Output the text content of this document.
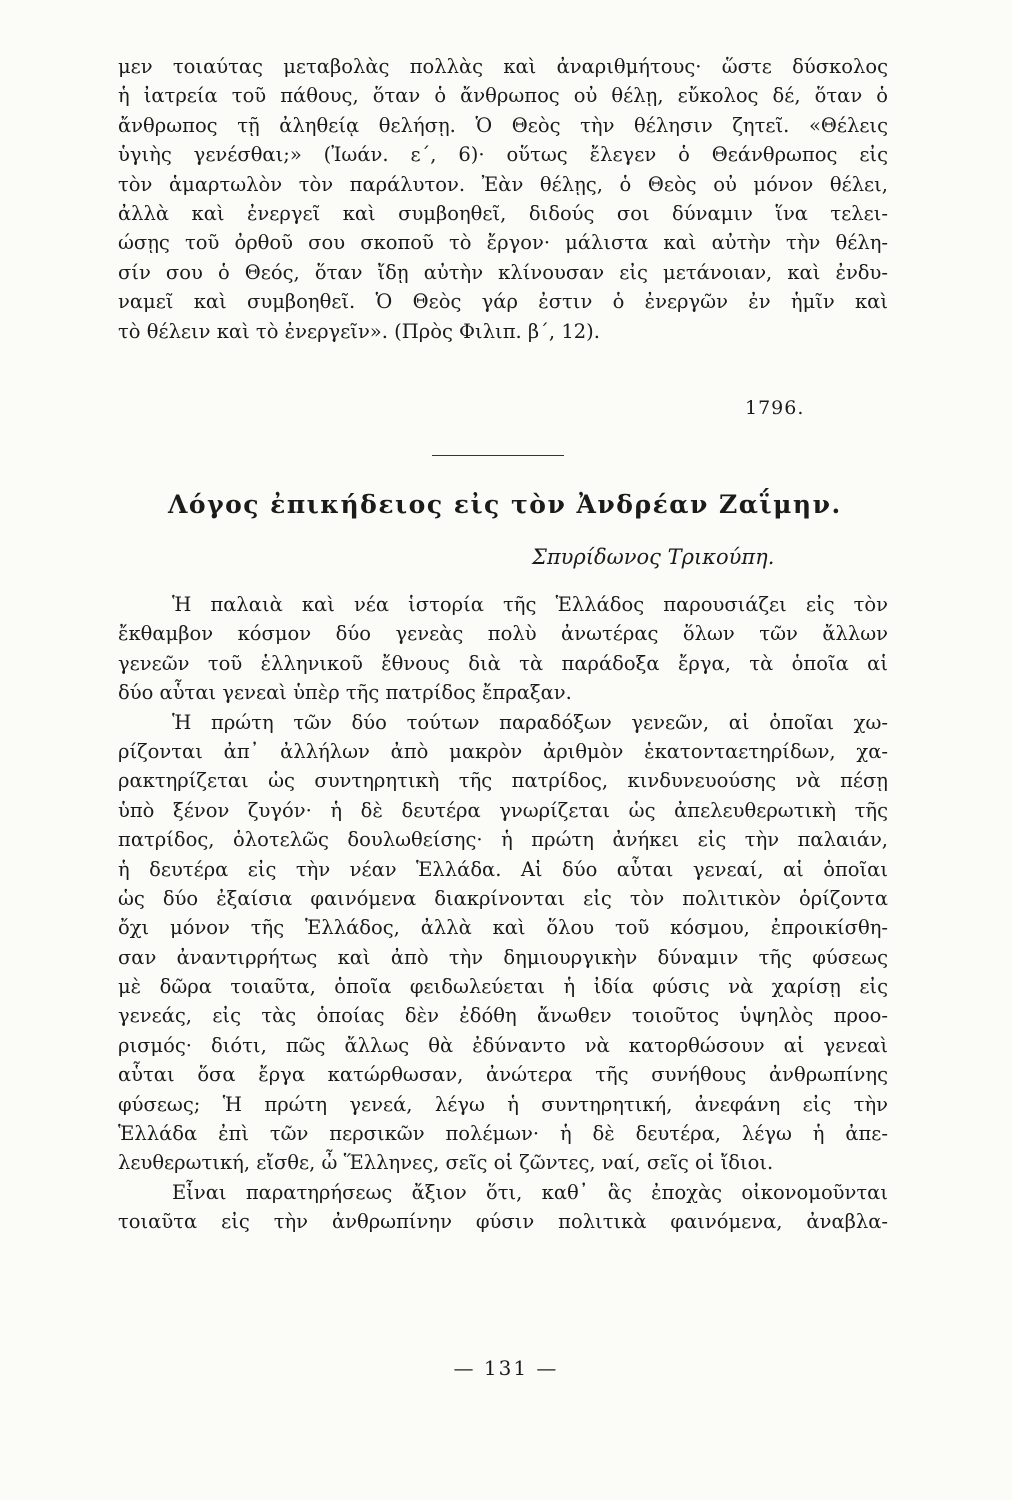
μεν τοιαύτας μεταβολὰς πολλὰς καὶ ἀναριθμήτους· ὥστε δύσκολος
ἡ ἰατρεία τοῦ πάθους, ὅταν ὁ ἄνθρωπος οὐ θέλῃ, εὔκολος δέ, ὅταν ὁ
ἄνθρωπος τῇ ἀληθείᾳ θελήσῃ. Ὁ Θεὸς τὴν θέλησιν ζητεῖ. «Θέλεις
ὑγιὴς γενέσθαι;» (Ἰωάν. ε΄, 6)· οὕτως ἔλεγεν ὁ Θεάνθρωπος εἰς
τὸν ἁμαρτωλὸν τὸν παράλυτον. Ἐὰν θέλῃς, ὁ Θεὸς οὐ μόνον θέλει,
ἀλλὰ καὶ ἐνεργεῖ καὶ συμβοηθεῖ, διδούς σοι δύναμιν ἵνα τελει-
ώσῃς τοῦ ὀρθοῦ σου σκοποῦ τὸ ἔργον· μάλιστα καὶ αὐτὴν τὴν θέλη-
σίν σου ὁ Θεός, ὅταν ἴδῃ αὐτὴν κλίνουσαν εἰς μετάνοιαν, καὶ ἐνδυ-
ναμεῖ καὶ συμβοηθεῖ. Ὁ Θεὸς γάρ ἐστιν ὁ ἐνεργῶν ἐν ἡμῖν καὶ
τὸ θέλειν καὶ τὸ ἐνεργεῖν». (Πρὸς Φιλιπ. β΄, 12).
1796.
Λόγος ἐπικήδειος εἰς τὸν Ἀνδρέαν Ζαΐμην.
Σπυρίδωνος Τρικούπη.
Ἡ παλαιὰ καὶ νέα ἱστορία τῆς Ἑλλάδος παρουσιάζει εἰς τὸν
ἔκθαμβον κόσμον δύο γενεὰς πολὺ ἀνωτέρας ὅλων τῶν ἄλλων
γενεῶν τοῦ ἑλληνικοῦ ἔθνους διὰ τὰ παράδοξα ἔργα, τὰ ὁποῖα αἱ
δύο αὗται γενεαὶ ὑπὲρ τῆς πατρίδος ἔπραξαν.
Ἡ πρώτη τῶν δύο τούτων παραδόξων γενεῶν, αἱ ὁποῖαι χω-
ρίζονται ἀπ᾽ ἀλλήλων ἀπὸ μακρὸν ἀριθμὸν ἑκατονταετηρίδων, χα-
ρακτηρίζεται ὡς συντηρητικὴ τῆς πατρίδος, κινδυνευούσης νὰ πέσῃ
ὑπὸ ξένον ζυγόν· ἡ δὲ δευτέρα γνωρίζεται ὡς ἀπελευθερωτικὴ τῆς
πατρίδος, ὁλοτελῶς δουλωθείσης· ἡ πρώτη ἀνήκει εἰς τὴν παλαιάν,
ἡ δευτέρα εἰς τὴν νέαν Ἑλλάδα. Αἱ δύο αὗται γενεαί, αἱ ὁποῖαι
ὡς δύο ἐξαίσια φαινόμενα διακρίνονται εἰς τὸν πολιτικὸν ὁρίζοντα
ὄχι μόνον τῆς Ἑλλάδος, ἀλλὰ καὶ ὅλου τοῦ κόσμου, ἐπροικίσθη-
σαν ἀναντιρρήτως καὶ ἀπὸ τὴν δημιουργικὴν δύναμιν τῆς φύσεως
μὲ δῶρα τοιαῦτα, ὁποῖα φειδωλεύεται ἡ ἰδία φύσις νὰ χαρίσῃ εἰς
γενεάς, εἰς τὰς ὁποίας δὲν ἐδόθη ἄνωθεν τοιοῦτος ὑψηλὸς προο-
ρισμός· διότι, πῶς ἄλλως θὰ ἐδύναντο νὰ κατορθώσουν αἱ γενεαὶ
αὗται ὅσα ἔργα κατώρθωσαν, ἀνώτερα τῆς συνήθους ἀνθρωπίνης
φύσεως; Ἡ πρώτη γενεά, λέγω ἡ συντηρητική, ἀνεφάνη εἰς τὴν
Ἑλλάδα ἐπὶ τῶν περσικῶν πολέμων· ἡ δὲ δευτέρα, λέγω ἡ ἀπε-
λευθερωτική, εἴσθε, ὦ Ἕλληνες, σεῖς οἱ ζῶντες, ναί, σεῖς οἱ ἴδιοι.
Εἶναι παρατηρήσεως ἄξιον ὅτι, καθ᾽ ἃς ἐποχὰς οἰκονομοῦνται
τοιαῦτα εἰς τὴν ἀνθρωπίνην φύσιν πολιτικὰ φαινόμενα, ἀναβλα-
— 131 —
